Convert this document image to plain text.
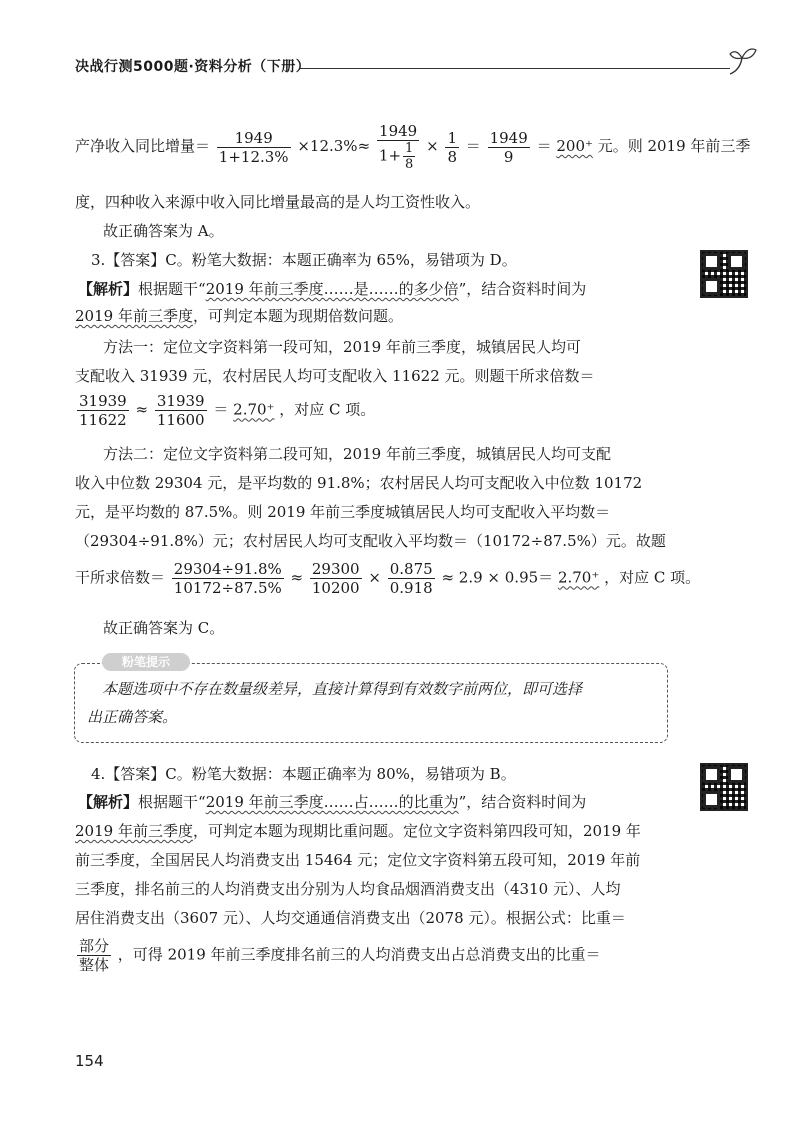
决战行测5000题·资料分析（下册）
产净收入同比增量＝ $\frac{1949}{1+12.3\%} \times 12.3\%\approx \frac{1949}{1+ \frac{1}{8}} \times \frac{1}{8} = \frac{1949}{9} = 200^+$ 元。则 2019 年前三季
度，四种收入来源中收入同比增量最高的是人均工资性收入。
故正确答案为 A。
3.【答案】C。粉笔大数据：本题正确率为 65%，易错项为 D。
【解析】根据题干“2019 年前三季度……是……的多少倍”，结合资料时间为
2019 年前三季度，可判定本题为现期倍数问题。
方法一：定位文字资料第一段可知，2019 年前三季度，城镇居民人均可
支配收入 31939 元，农村居民人均可支配收入 11622 元。则题干所求倍数＝
$\frac{31939}{11622} \approx \frac{31939}{11600} = 2.70^+$ ，对应 C 项。
方法二：定位文字资料第二段可知，2019 年前三季度，城镇居民人均可支配
收入中位数 29304 元，是平均数的 91.8%；农村居民人均可支配收入中位数 10172
元，是平均数的 87.5%。则 2019 年前三季度城镇居民人均可支配收入平均数＝
（29304÷91.8%）元；农村居民人均可支配收入平均数＝（10172÷87.5%）元。故题
干所求倍数＝ $\frac{29304\div 91.8\%}{10172\div 87.5\%} \approx \frac{29300}{10200} \times \frac{0.875}{0.918} \approx 2.9 \times 0.95= 2.70^+$ ，对应 C 项。
故正确答案为 C。
粉笔提示
本题选项中不存在数量级差异，直接计算得到有效数字前两位，即可选择
出正确答案。
4.【答案】C。粉笔大数据：本题正确率为 80%，易错项为 B。
【解析】根据题干“2019 年前三季度……占……的比重为”，结合资料时间为
2019 年前三季度，可判定本题为现期比重问题。定位文字资料第四段可知，2019 年
前三季度，全国居民人均消费支出 15464 元；定位文字资料第五段可知，2019 年前
三季度，排名前三的人均消费支出分别为人均食品烟酒消费支出（4310 元）、人均
居住消费支出（3607 元）、人均交通通信消费支出（2078 元）。根据公式：比重＝
$\frac{\text{部分}}{\text{整体}}$ ，可得 2019 年前三季度排名前三的人均消费支出占总消费支出的比重＝
154
